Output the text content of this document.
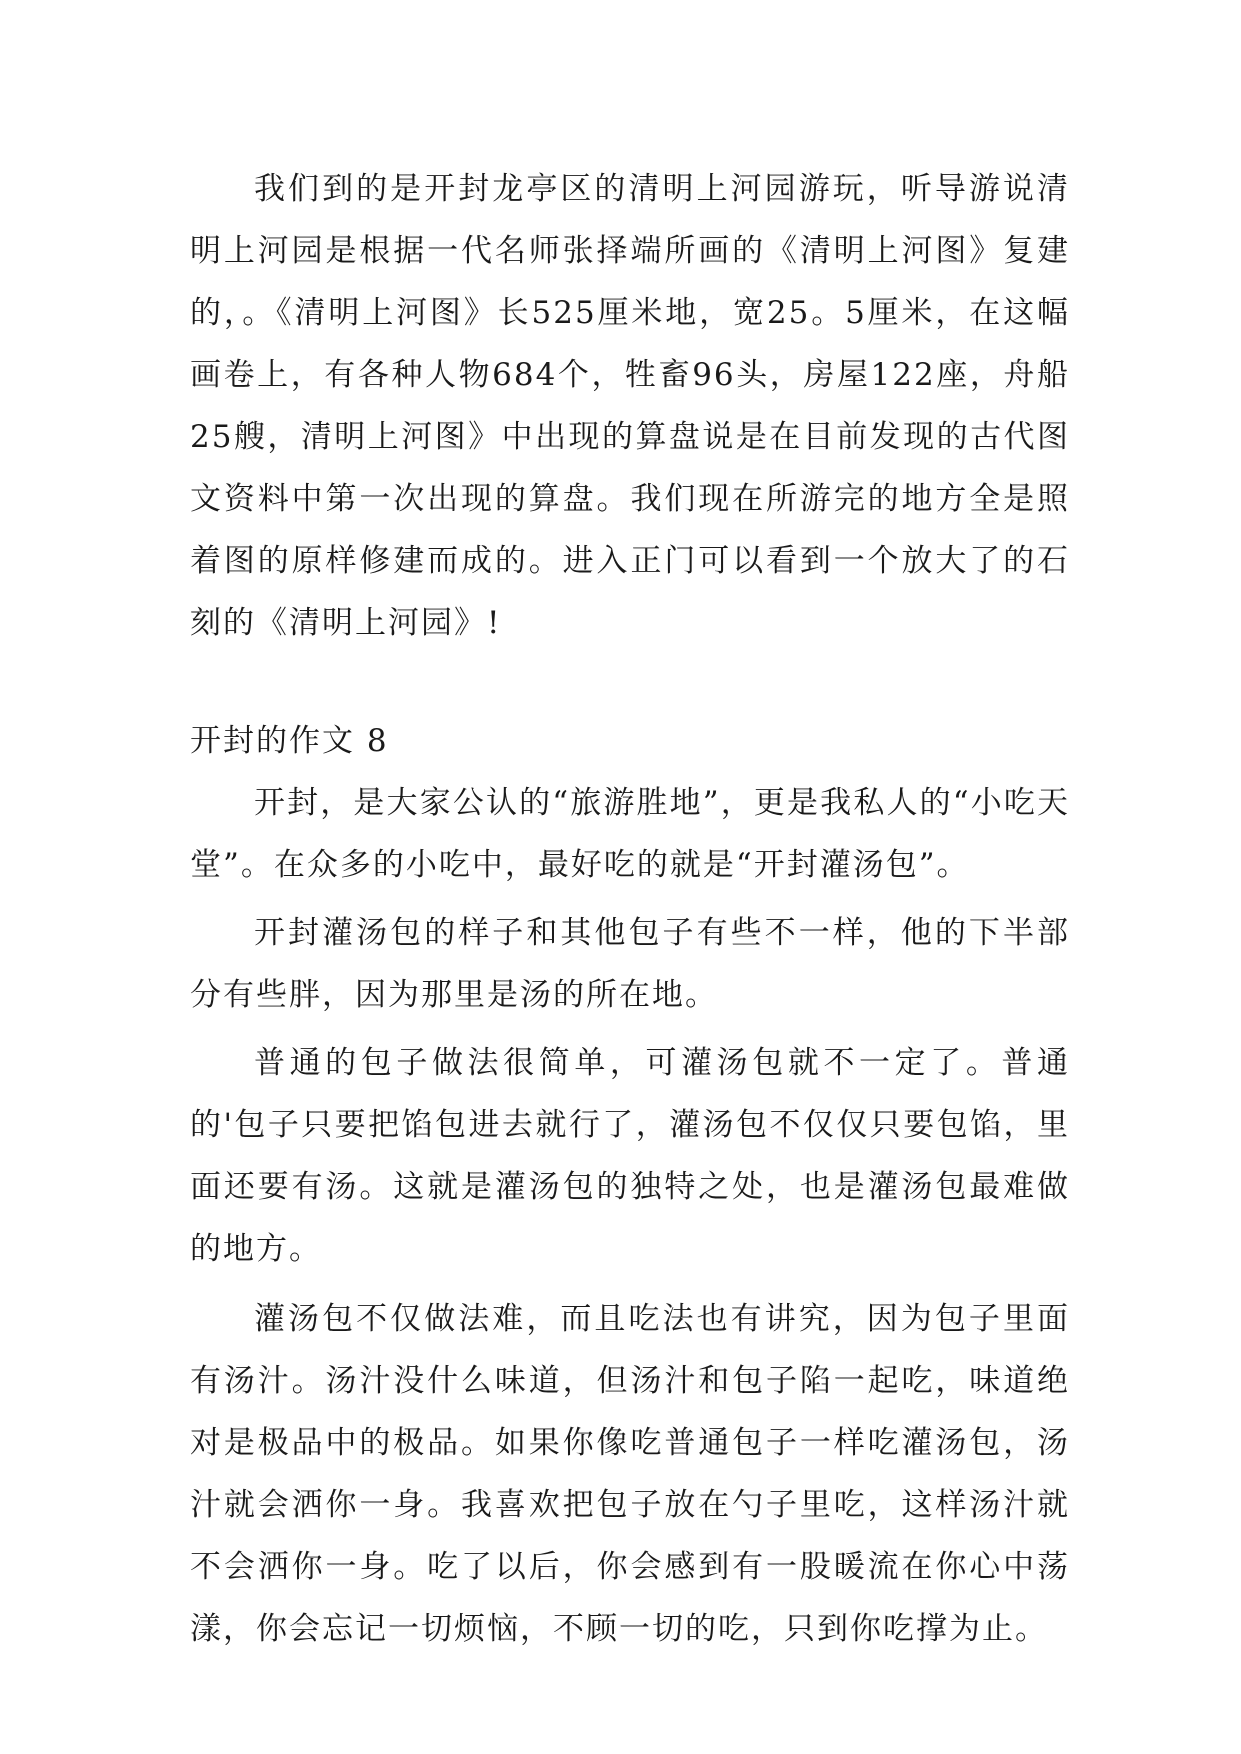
我们到的是开封龙亭区的清明上河园游玩，听导游说清明上河园是根据一代名师张择端所画的《清明上河图》复建的，。《清明上河图》长525厘米地，宽25。5厘米，在这幅画卷上，有各种人物684个，牲畜96头，房屋122座，舟船25艘，清明上河图》中出现的算盘说是在目前发现的古代图文资料中第一次出现的算盘。我们现在所游完的地方全是照着图的原样修建而成的。进入正门可以看到一个放大了的石刻的《清明上河园》!

开封的作文 8

开封，是大家公认的“旅游胜地”，更是我私人的“小吃天堂”。在众多的小吃中，最好吃的就是“开封灌汤包”。

开封灌汤包的样子和其他包子有些不一样，他的下半部分有些胖，因为那里是汤的所在地。

普通的包子做法很简单，可灌汤包就不一定了。普通的'包子只要把馅包进去就行了，灌汤包不仅仅只要包馅，里面还要有汤。这就是灌汤包的独特之处，也是灌汤包最难做的地方。

灌汤包不仅做法难，而且吃法也有讲究，因为包子里面有汤汁。汤汁没什么味道，但汤汁和包子陷一起吃，味道绝对是极品中的极品。如果你像吃普通包子一样吃灌汤包，汤汁就会洒你一身。我喜欢把包子放在勺子里吃，这样汤汁就不会洒你一身。吃了以后，你会感到有一股暖流在你心中荡漾，你会忘记一切烦恼，不顾一切的吃，只到你吃撑为止。
